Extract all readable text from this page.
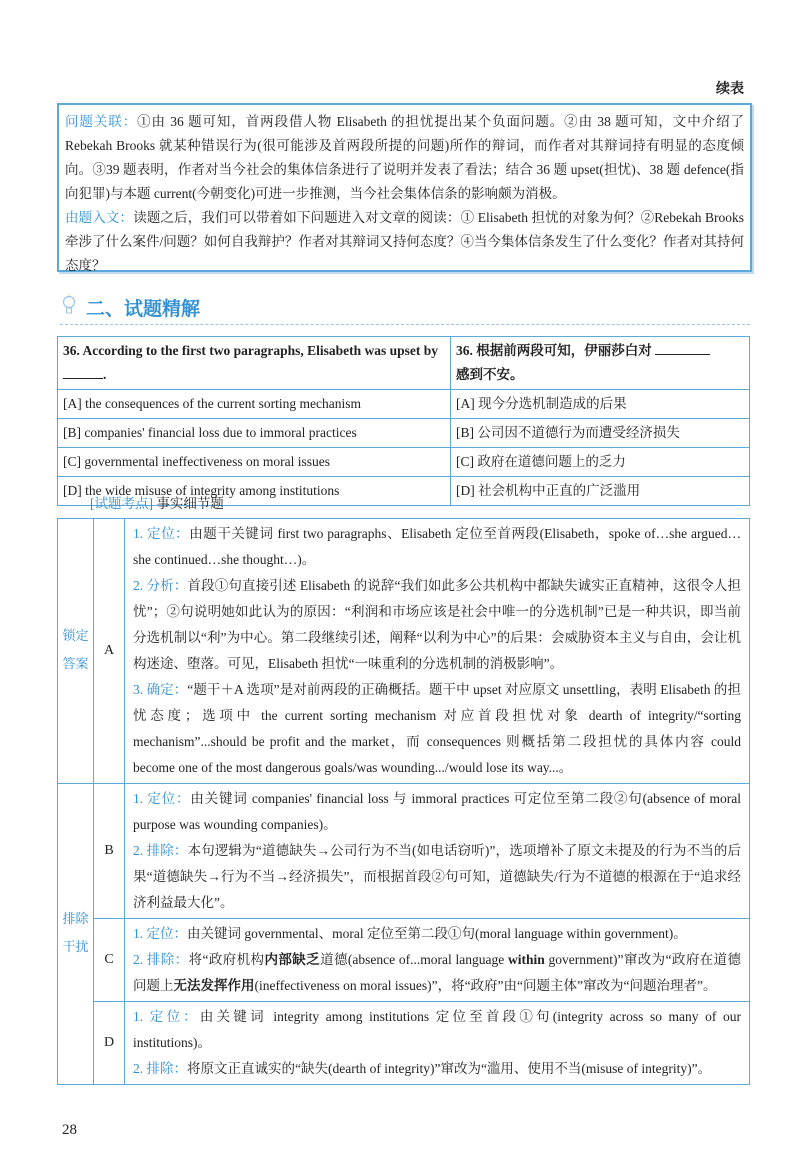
续表
问题关联：①由 36 题可知，首两段借人物 Elisabeth 的担忧提出某个负面问题。②由 38 题可知，文中介绍了 Rebekah Brooks 就某种错误行为(很可能涉及首两段所提的问题)所作的辩词，而作者对其辩词持有明显的态度倾向。③39 题表明，作者对当今社会的集体信条进行了说明并发表了看法；结合 36 题 upset(担忧)、38 题 defence(指向犯罪)与本题 current(今朝变化)可进一步推测，当今社会集体信条的影响颇为消极。
由题入文：读题之后，我们可以带着如下问题进入对文章的阅读：① Elisabeth 担忧的对象为何？②Rebekah Brooks 牵涉了什么案件/问题？如何自我辩护？作者对其辩词又持何态度？④当今集体信条发生了什么变化？作者对其持何态度？
二、试题精解
36. According to the first two paragraphs, Elisabeth was upset by .	36. 根据前两段可知，伊丽莎白对
感到不安。
[A] the consequences of the current sorting mechanism	[A] 现今分选机制造成的后果
[B] companies' financial loss due to immoral practices	[B] 公司因不道德行为而遭受经济损失
[C] governmental ineffectiveness on moral issues	[C] 政府在道德问题上的乏力
[D] the wide misuse of integrity among institutions	[D] 社会机构中正直的广泛滥用
[试题考点] 事实细节题
锁定答案	A	1. 定位：由题干关键词 first two paragraphs、Elisabeth 定位至首两段(Elisabeth，spoke of…she argued…she continued…she thought…)。

2. 分析：首段①句直接引述 Elisabeth 的说辞“我们如此多公共机构中都缺失诚实正直精神，这很令人担忧”；②句说明她如此认为的原因：“利润和市场应该是社会中唯一的分选机制”已是一种共识，即当前分选机制以“利”为中心。第二段继续引述，阐释“以利为中心”的后果：会威胁资本主义与自由，会让机构迷途、堕落。可见，Elisabeth 担忧“一味重利的分选机制的消极影响”。

3. 确定：“题干＋A 选项”是对前两段的正确概括。题干中 upset 对应原文 unsettling，表明 Elisabeth 的担忧态度；选项中 the current sorting mechanism 对应首段担忧对象 dearth of integrity/“sorting mechanism”...should be profit and the market，而 consequences 则概括第二段担忧的具体内容 could become one of the most dangerous goals/was wounding.../would lose its way...。

排除干扰	B	1. 定位：由关键词 companies' financial loss 与 immoral practices 可定位至第二段②句(absence of moral purpose was wounding companies)。

2. 排除：本句逻辑为“道德缺失→公司行为不当(如电话窃听)”，选项增补了原文未提及的行为不当的后果“道德缺失→行为不当→经济损失”，而根据首段②句可知，道德缺失/行为不道德的根源在于“追求经济利益最大化”。

	C	1. 定位：由关键词 governmental、moral 定位至第二段①句(moral language within government)。

2. 排除：将“政府机构内部缺乏道德(absence of...moral language within government)”窜改为“政府在道德问题上无法发挥作用(ineffectiveness on moral issues)”，将“政府”由“问题主体”窜改为“问题治理者”。

	D	1. 定位：由关键词 integrity among institutions 定位至首段①句(integrity across so many of our institutions)。

2. 排除：将原文正直诚实的“缺失(dearth of integrity)”窜改为“滥用、使用不当(misuse of integrity)”。

28
